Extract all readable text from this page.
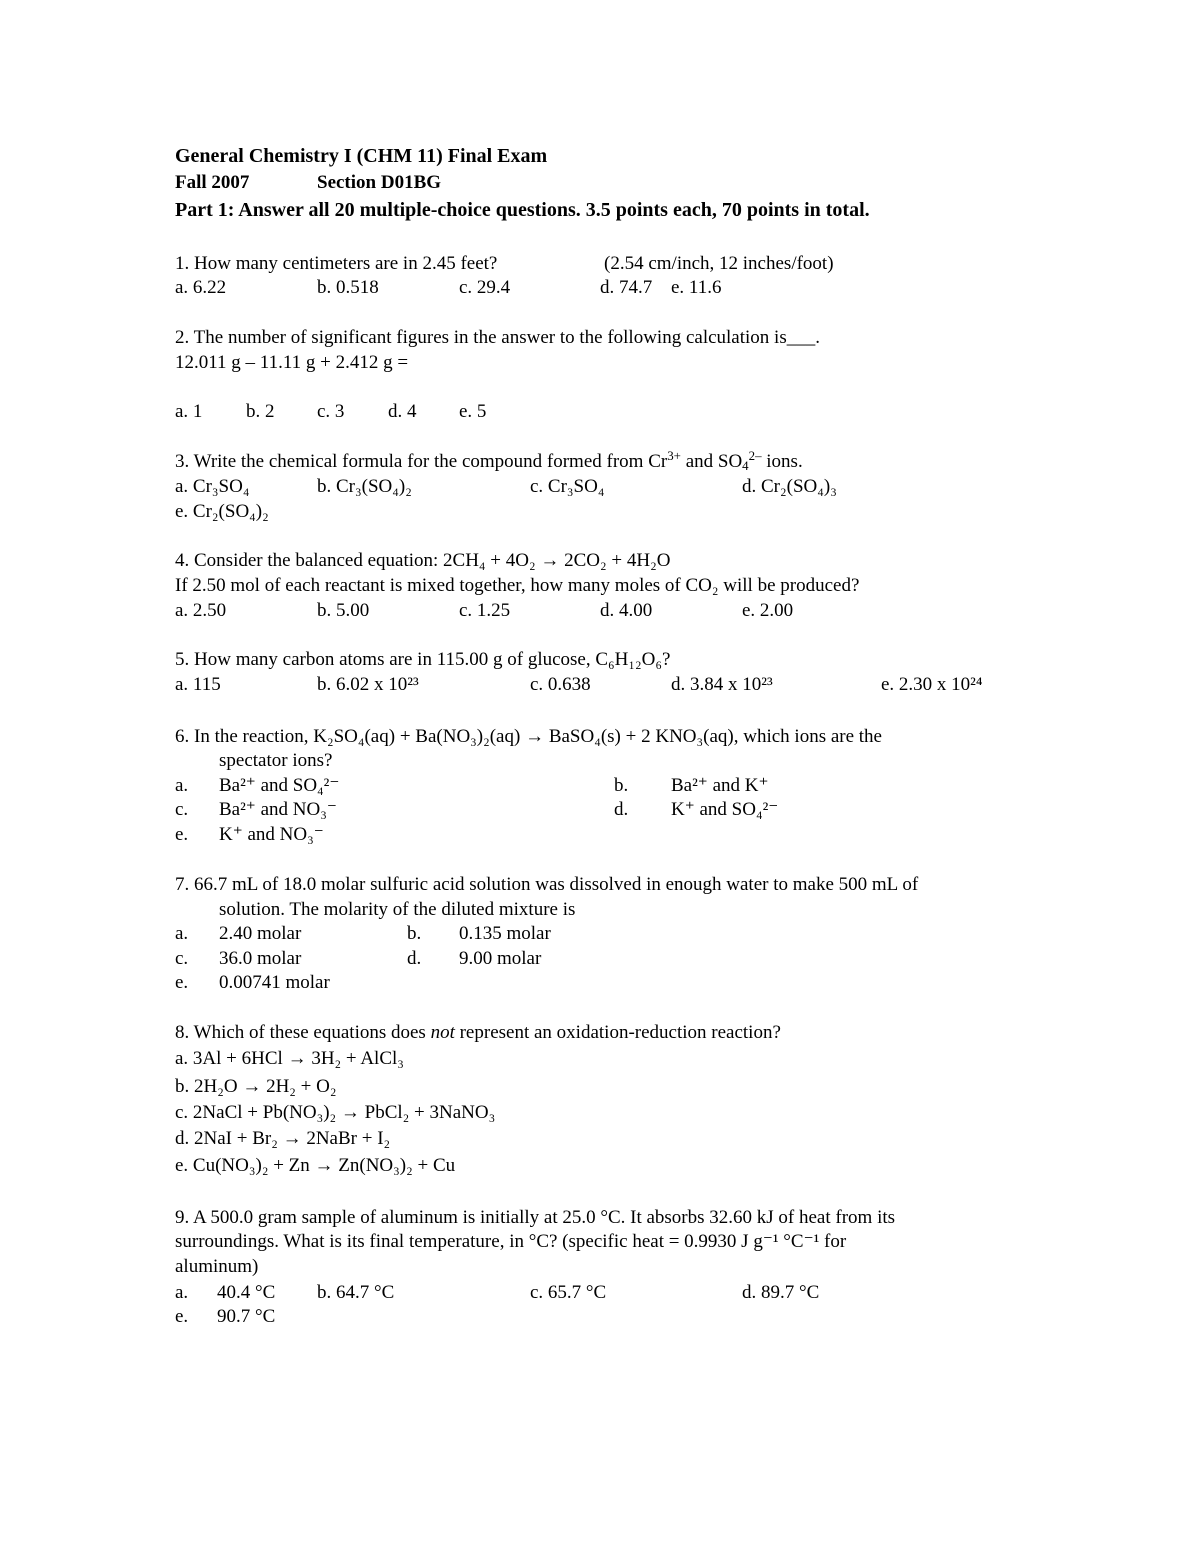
General Chemistry I (CHM 11) Final Exam
Fall 2007	Section D01BG
Part 1: Answer all 20 multiple-choice questions. 3.5 points each, 70 points in total.
1. How many centimeters are in 2.45 feet?	(2.54 cm/inch, 12 inches/foot)
a. 6.22	b. 0.518	c. 29.4	d. 74.7 e. 11.6
2. The number of significant figures in the answer to the following calculation is___.
12.011 g – 11.11 g + 2.412 g =
a. 1 b. 2 c. 3 d. 4 e. 5
3. Write the chemical formula for the compound formed from $Cr^{3+}$ and $SO_4^{2-}$ ions.
a. Cr₃SO₄	b. Cr₃(SO₄)₂	c. Cr₃SO₄	d. Cr₂(SO₄)₃
e. Cr₂(SO₄)₂
4. Consider the balanced equation: 2CH₄ + 4O₂ → 2CO₂ + 4H₂O
If 2.50 mol of each reactant is mixed together, how many moles of CO₂ will be produced?
a. 2.50	b. 5.00	c. 1.25	d. 4.00	e. 2.00
5. How many carbon atoms are in 115.00 g of glucose, C₆H₁₂O₆?
a. 115	b. 6.02 x 10²³	c. 0.638	d. 3.84 x 10²³	e. 2.30 x 10²⁴
6. In the reaction, K₂SO₄(aq) + Ba(NO₃)₂(aq) → BaSO₄(s) + 2 KNO₃(aq), which ions are the
spectator ions?
a. Ba²⁺ and SO₄²⁻	b. Ba²⁺ and K⁺
c. Ba²⁺ and NO₃⁻	d. K⁺ and SO₄²⁻
e. K⁺ and NO₃⁻
7. 66.7 mL of 18.0 molar sulfuric acid solution was dissolved in enough water to make 500 mL of
solution. The molarity of the diluted mixture is
a. 2.40 molar	b. 0.135 molar
c. 36.0 molar	d. 9.00 molar
e. 0.00741 molar
8. Which of these equations does not represent an oxidation-reduction reaction?
a. 3Al + 6HCl → 3H₂ + AlCl₃
b. 2H₂O → 2H₂ + O₂
c. 2NaCl + Pb(NO₃)₂ → PbCl₂ + 3NaNO₃
d. 2NaI + Br₂ → 2NaBr + I₂
e. Cu(NO₃)₂ + Zn → Zn(NO₃)₂ + Cu
9. A 500.0 gram sample of aluminum is initially at 25.0 °C. It absorbs 32.60 kJ of heat from its
surroundings. What is its final temperature, in °C? (specific heat = 0.9930 J g⁻¹ °C⁻¹ for
aluminum)
a. 40.4 °C b. 64.7 °C	c. 65.7 °C	d. 89.7 °C
e. 90.7 °C
